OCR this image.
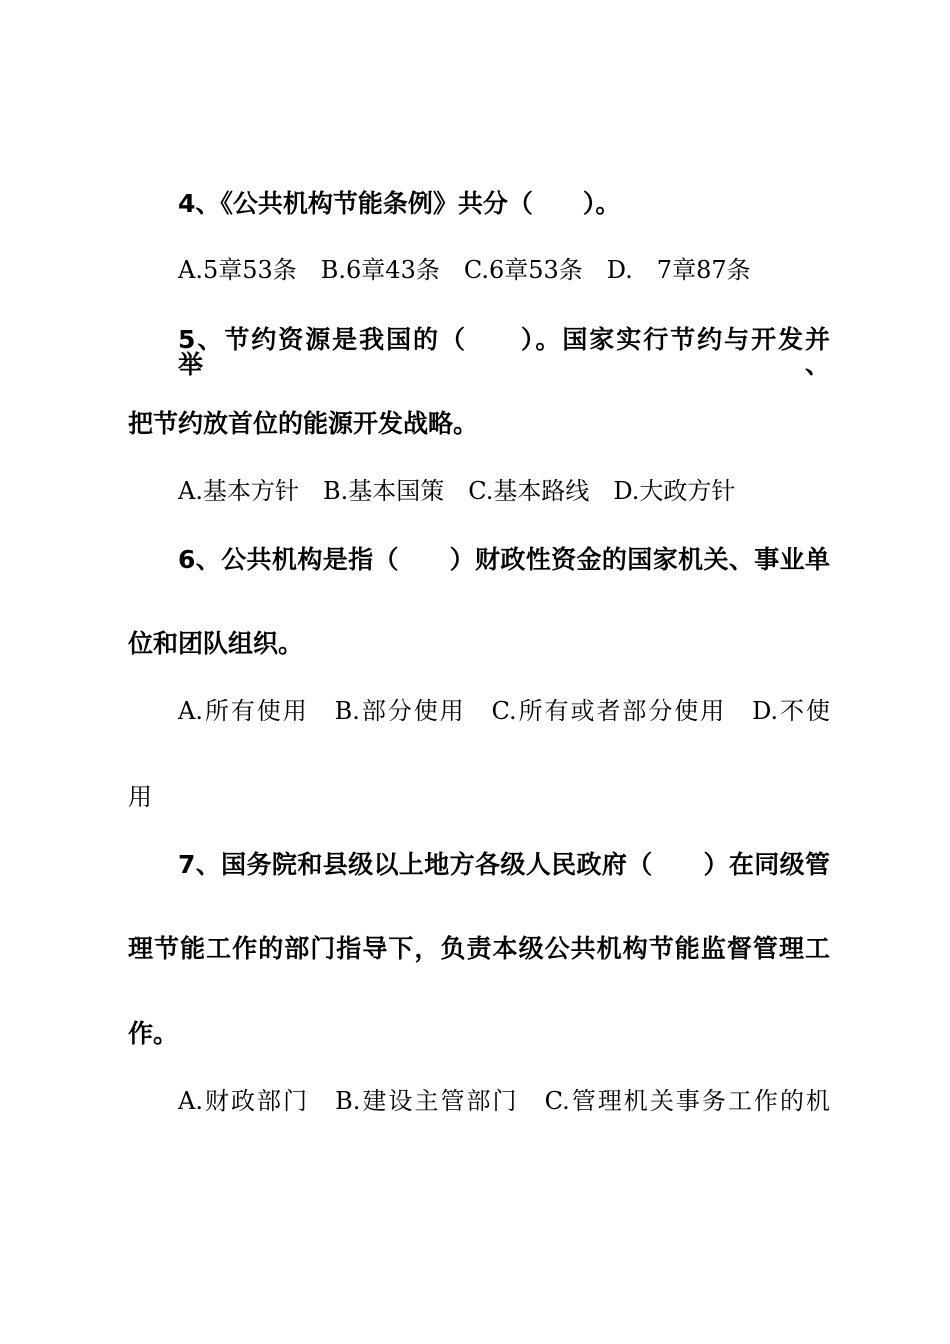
4、《公共机构节能条例》共分（　　）。
A.5章53条　B.6章43条　C.6章53条　D.　7章87条
5、节约资源是我国的（　　）。国家实行节约与开发并举、
把节约放首位的能源开发战略。
A.基本方针　B.基本国策　C.基本路线　D.大政方针
6、公共机构是指（　　）财政性资金的国家机关、事业单
位和团队组织。
A.所有使用　B.部分使用　C.所有或者部分使用　D.不使
用
7、国务院和县级以上地方各级人民政府（　　）在同级管
理节能工作的部门指导下，负责本级公共机构节能监督管理工
作。
A.财政部门　B.建设主管部门　C.管理机关事务工作的机
